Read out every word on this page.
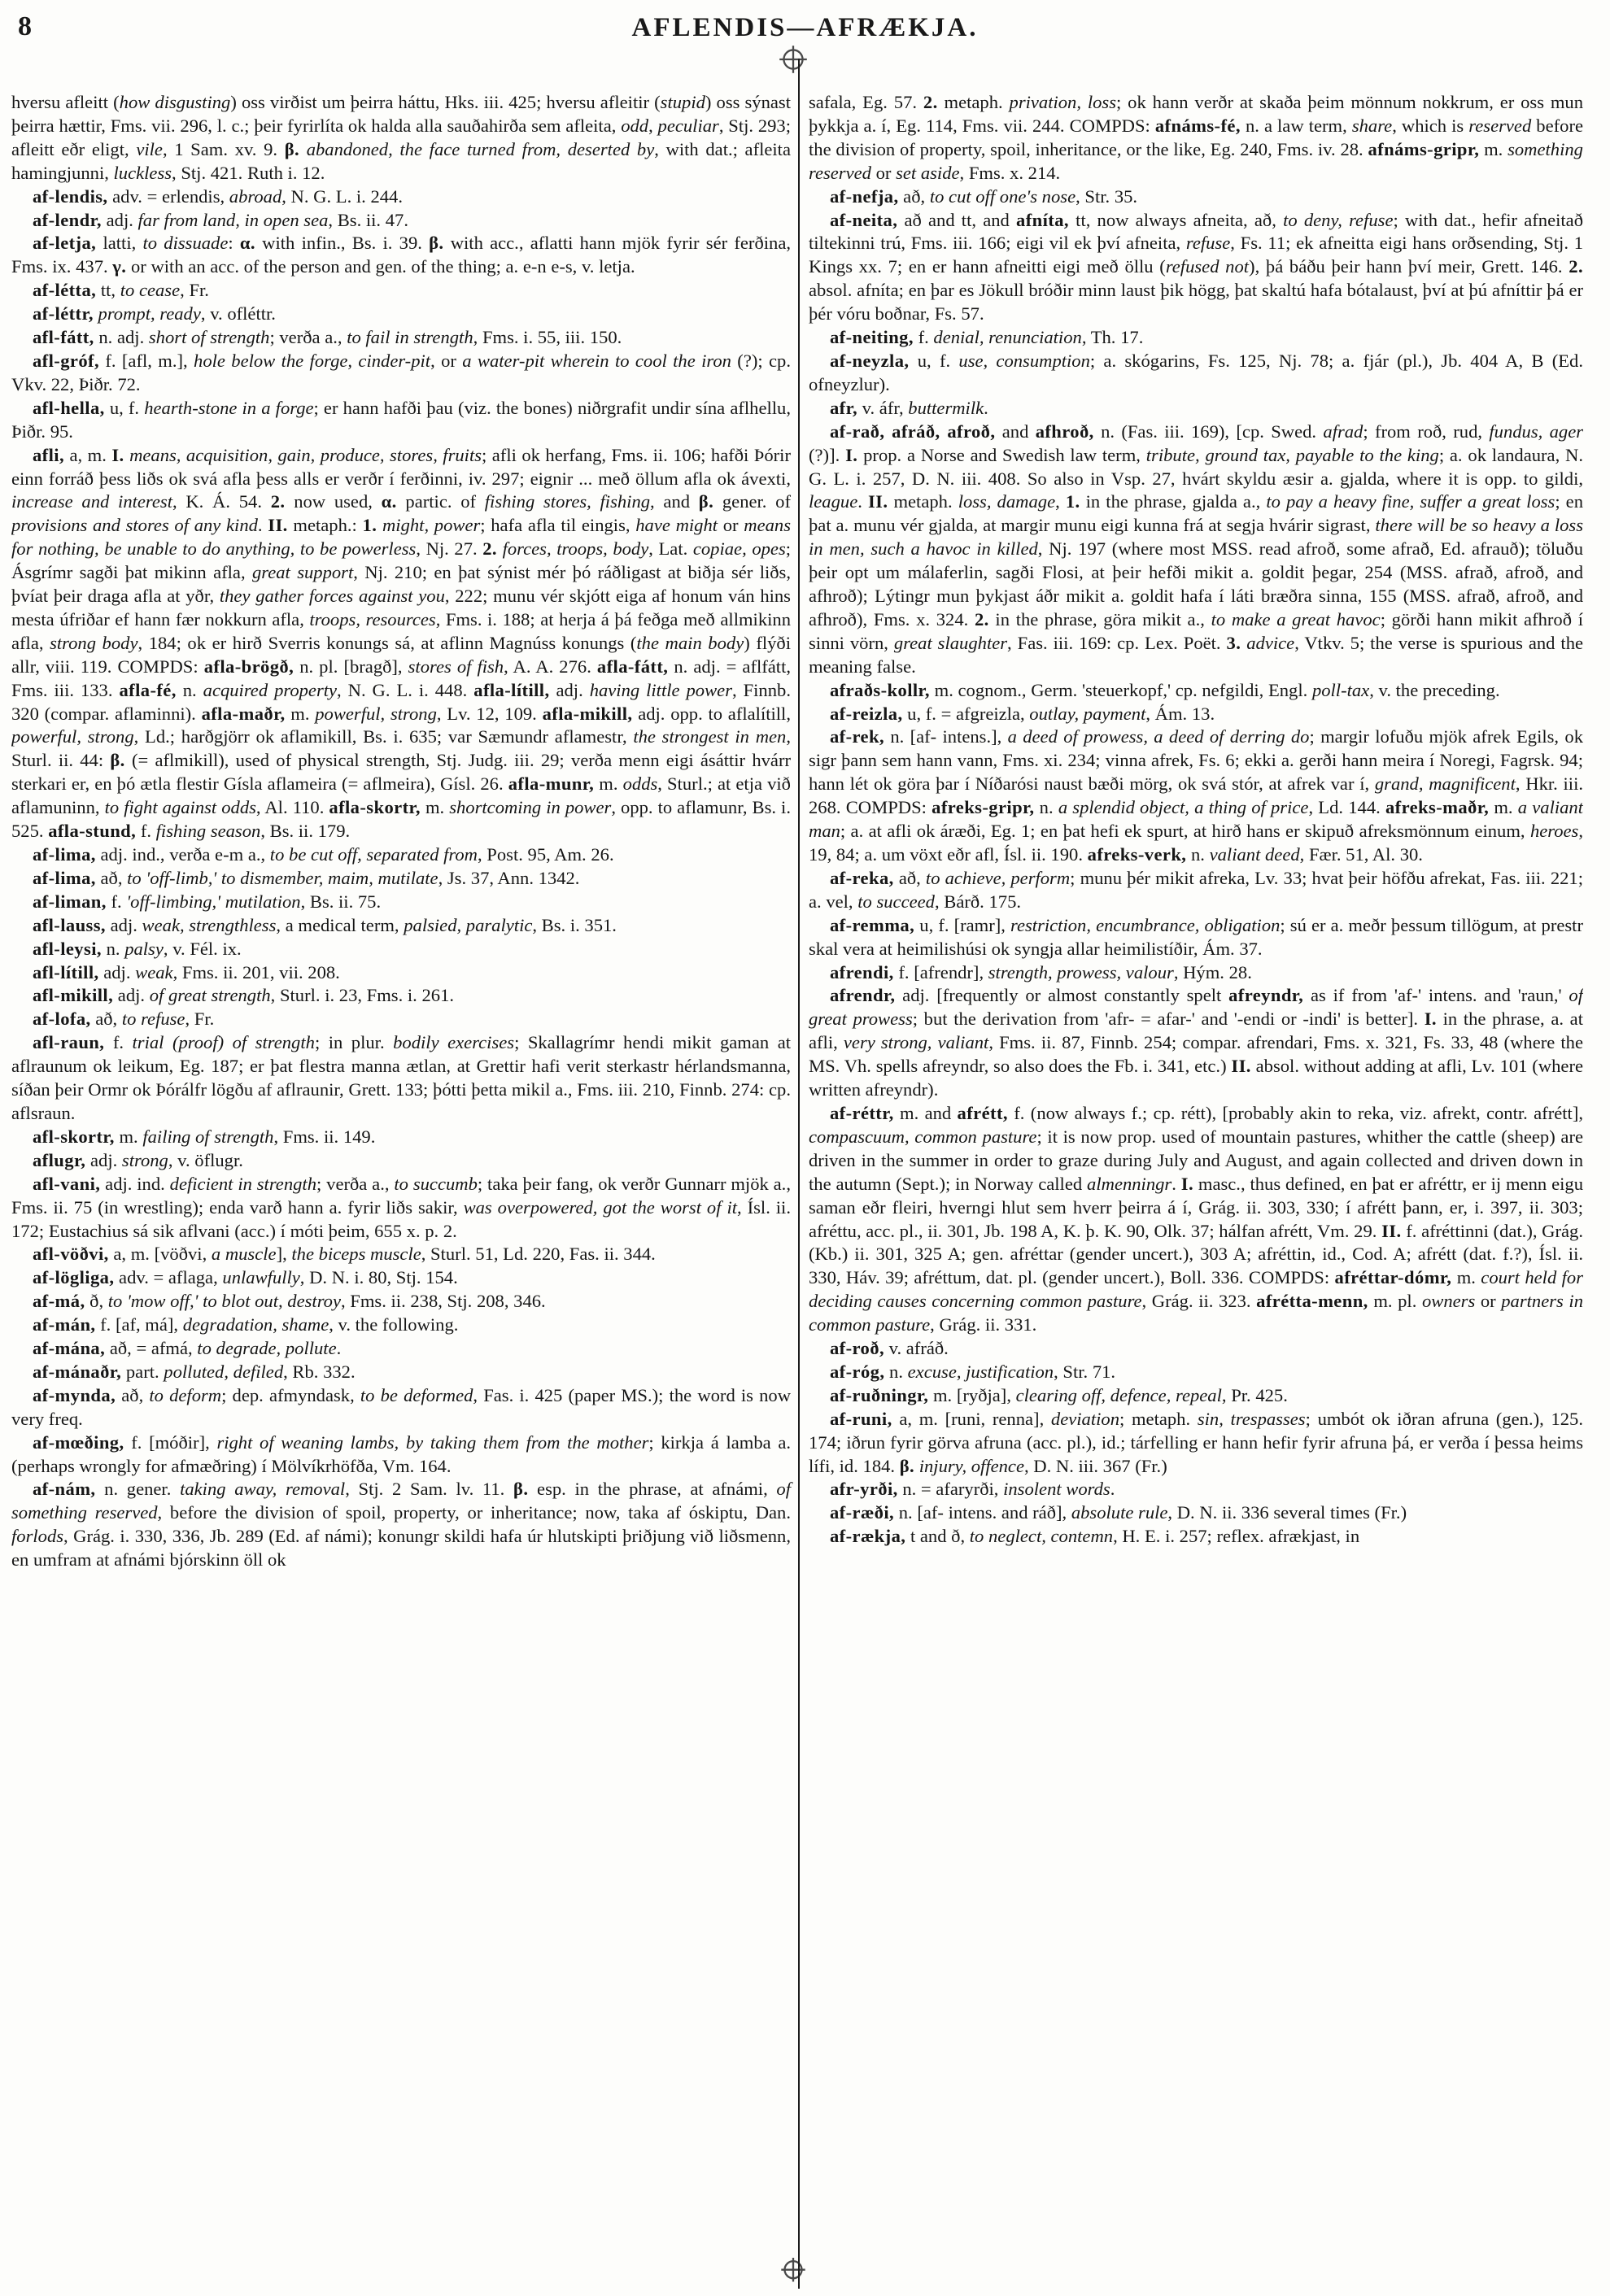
8	AFLENDIS—AFRÆKJA.

hversu afleitt (how disgusting) oss virðist um þeirra háttu, Hks. iii. 425; hversu afleitir (stupid) oss sýnast þeirra hættir, Fms. vii. 296, l. c.; þeir fyrirlíta ok halda alla sauðahirða sem afleita, odd, peculiar, Stj. 293; afleitt eðr eligt, vile, 1 Sam. xv. 9. β. abandoned, the face turned from, deserted by, with dat.; afleita hamingjunni, luckless, Stj. 421. Ruth i. 12.

af-lendis, adv. = erlendis, abroad, N. G. L. i. 244.

af-lendr, adj. far from land, in open sea, Bs. ii. 47.

af-letja, latti, to dissuade: α. with infin., Bs. i. 39. β. with acc., aflatti hann mjök fyrir sér ferðina, Fms. ix. 437. γ. or with an acc. of the person and gen. of the thing; a. e-n e-s, v. letja.

af-létta, tt, to cease, Fr.

af-léttr, prompt, ready, v. ofléttr.

afl-fátt, n. adj. short of strength; verða a., to fail in strength, Fms. i. 55, iii. 150.

afl-gróf, f. [afl, m.], hole below the forge, cinder-pit, or a water-pit wherein to cool the iron (?); cp. Vkv. 22, Þiðr. 72.

afl-hella, u, f. hearth-stone in a forge; er hann hafði þau (viz. the bones) niðrgrafit undir sína aflhellu, Þiðr. 95.

afli, a, m. I. means, acquisition, gain, produce, stores, fruits; afli ok herfang, Fms. ii. 106; hafði Þórir einn forráð þess liðs ok svá afla þess alls er verðr í ferðinni, iv. 297; eignir ... með öllum afla ok ávexti, increase and interest, K. Á. 54. 2. now used, α. partic. of fishing stores, fishing, and β. gener. of provisions and stores of any kind. II. metaph.: 1. might, power; hafa afla til eingis, have might or means for nothing, be unable to do anything, to be powerless, Nj. 27. 2. forces, troops, body, Lat. copiae, opes; Ásgrímr sagði þat mikinn afla, great support, Nj. 210; en þat sýnist mér þó ráðligast at biðja sér liðs, þvíat þeir draga afla at yðr, they gather forces against you, 222; munu vér skjótt eiga af honum ván hins mesta úfriðar ef hann fær nokkurn afla, troops, resources, Fms. i. 188; at herja á þá feðga með allmikinn afla, strong body, 184; ok er hirð Sverris konungs sá, at aflinn Magnúss konungs (the main body) flýði allr, viii. 119. COMPDS: afla-brögð, n. pl. [bragð], stores of fish, A. A. 276. afla-fátt, n. adj. = aflfátt, Fms. iii. 133. afla-fé, n. acquired property, N. G. L. i. 448. afla-lítill, adj. having little power, Finnb. 320 (compar. aflaminni). afla-maðr, m. powerful, strong, Lv. 12, 109. afla-mikill, adj. opp. to aflalítill, powerful, strong, Ld.; harðgjörr ok aflamikill, Bs. i. 635; var Sæmundr aflamestr, the strongest in men, Sturl. ii. 44: β. (= aflmikill), used of physical strength, Stj. Judg. iii. 29; verða menn eigi ásáttir hvárr sterkari er, en þó ætla flestir Gísla aflameira (= aflmeira), Gísl. 26. afla-munr, m. odds, Sturl.; at etja við aflamuninn, to fight against odds, Al. 110. afla-skortr, m. shortcoming in power, opp. to aflamunr, Bs. i. 525. afla-stund, f. fishing season, Bs. ii. 179.

af-lima, adj. ind., verða e-m a., to be cut off, separated from, Post. 95, Am. 26.

af-lima, að, to 'off-limb,' to dismember, maim, mutilate, Js. 37, Ann. 1342.

af-liman, f. 'off-limbing,' mutilation, Bs. ii. 75.

afl-lauss, adj. weak, strengthless, a medical term, palsied, paralytic, Bs. i. 351.

afl-leysi, n. palsy, v. Fél. ix.

afl-lítill, adj. weak, Fms. ii. 201, vii. 208.

afl-mikill, adj. of great strength, Sturl. i. 23, Fms. i. 261.

af-lofa, að, to refuse, Fr.

afl-raun, f. trial (proof) of strength; in plur. bodily exercises; Skallagrímr hendi mikit gaman at aflraunum ok leikum, Eg. 187; er þat flestra manna ætlan, at Grettir hafi verit sterkastr hérlandsmanna, síðan þeir Ormr ok Þórálfr lögðu af aflraunir, Grett. 133; þótti þetta mikil a., Fms. iii. 210, Finnb. 274: cp. aflsraun.

afl-skortr, m. failing of strength, Fms. ii. 149.

aflugr, adj. strong, v. öflugr.

afl-vani, adj. ind. deficient in strength; verða a., to succumb; taka þeir fang, ok verðr Gunnarr mjök a., Fms. ii. 75 (in wrestling); enda varð hann a. fyrir liðs sakir, was overpowered, got the worst of it, Ísl. ii. 172; Eustachius sá sik aflvani (acc.) í móti þeim, 655 x. p. 2.

afl-vöðvi, a, m. [vöðvi, a muscle], the biceps muscle, Sturl. 51, Ld. 220, Fas. ii. 344.

af-lögliga, adv. = aflaga, unlawfully, D. N. i. 80, Stj. 154.

af-má, ð, to 'mow off,' to blot out, destroy, Fms. ii. 238, Stj. 208, 346.

af-mán, f. [af, má], degradation, shame, v. the following.

af-mána, að, = afmá, to degrade, pollute.

af-mánaðr, part. polluted, defiled, Rb. 332.

af-mynda, að, to deform; dep. afmyndask, to be deformed, Fas. i. 425 (paper MS.); the word is now very freq.

af-mœðing, f. [móðir], right of weaning lambs, by taking them from the mother; kirkja á lamba a. (perhaps wrongly for afmæðring) í Mölvíkrhöfða, Vm. 164.

af-nám, n. gener. taking away, removal, Stj. 2 Sam. lv. 11. β. esp. in the phrase, at afnámi, of something reserved, before the division of spoil, property, or inheritance; now, taka af óskiptu, Dan. forlods, Grág. i. 330, 336, Jb. 289 (Ed. af námi); konungr skildi hafa úr hlutskipti þriðjung við liðsmenn, en umfram at afnámi bjórskinn öll ok

safala, Eg. 57. 2. metaph. privation, loss; ok hann verðr at skaða þeim mönnum nokkrum, er oss mun þykkja a. í, Eg. 114, Fms. vii. 244. COMPDS: afnáms-fé, n. a law term, share, which is reserved before the division of property, spoil, inheritance, or the like, Eg. 240, Fms. iv. 28. afnáms-gripr, m. something reserved or set aside, Fms. x. 214.

af-nefja, að, to cut off one's nose, Str. 35.

af-neita, að and tt, and afníta, tt, now always afneita, að, to deny, refuse; with dat., hefir afneitað tiltekinni trú, Fms. iii. 166; eigi vil ek því afneita, refuse, Fs. 11; ek afneitta eigi hans orðsending, Stj. 1 Kings xx. 7; en er hann afneitti eigi með öllu (refused not), þá báðu þeir hann því meir, Grett. 146. 2. absol. afníta; en þar es Jökull bróðir minn laust þik högg, þat skaltú hafa bótalaust, því at þú afníttir þá er þér vóru boðnar, Fs. 57.

af-neiting, f. denial, renunciation, Th. 17.

af-neyzla, u, f. use, consumption; a. skógarins, Fs. 125, Nj. 78; a. fjár (pl.), Jb. 404 A, B (Ed. ofneyzlur).

afr, v. áfr, buttermilk.

af-rað, afráð, afroð, and afhroð, n. (Fas. iii. 169), [cp. Swed. afrad; from roð, rud, fundus, ager (?)]. I. prop. a Norse and Swedish law term, tribute, ground tax, payable to the king; a. ok landaura, N. G. L. i. 257, D. N. iii. 408. So also in Vsp. 27, hvárt skyldu æsir a. gjalda, where it is opp. to gildi, league. II. metaph. loss, damage, 1. in the phrase, gjalda a., to pay a heavy fine, suffer a great loss; en þat a. munu vér gjalda, at margir munu eigi kunna frá at segja hvárir sigrast, there will be so heavy a loss in men, such a havoc in killed, Nj. 197 (where most MSS. read afroð, some afrað, Ed. afrauð); töluðu þeir opt um málaferlin, sagði Flosi, at þeir hefði mikit a. goldit þegar, 254 (MSS. afrað, afroð, and afhroð); Lýtingr mun þykjast áðr mikit a. goldit hafa í láti bræðra sinna, 155 (MSS. afrað, afroð, and afhroð), Fms. x. 324. 2. in the phrase, göra mikit a., to make a great havoc; görði hann mikit afhroð í sinni vörn, great slaughter, Fas. iii. 169: cp. Lex. Poët. 3. advice, Vtkv. 5; the verse is spurious and the meaning false.

afraðs-kollr, m. cognom., Germ. 'steuerkopf,' cp. nefgildi, Engl. poll-tax, v. the preceding.

af-reizla, u, f. = afgreizla, outlay, payment, Ám. 13.

af-rek, n. [af- intens.], a deed of prowess, a deed of derring do; margir lofuðu mjök afrek Egils, ok sigr þann sem hann vann, Fms. xi. 234; vinna afrek, Fs. 6; ekki a. gerði hann meira í Noregi, Fagrsk. 94; hann lét ok göra þar í Níðarósi naust bæði mörg, ok svá stór, at afrek var í, grand, magnificent, Hkr. iii. 268. COMPDS: afreks-gripr, n. a splendid object, a thing of price, Ld. 144. afreks-maðr, m. a valiant man; a. at afli ok áræði, Eg. 1; en þat hefi ek spurt, at hirð hans er skipuð afreksmönnum einum, heroes, 19, 84; a. um vöxt eðr afl, Ísl. ii. 190. afreks-verk, n. valiant deed, Fær. 51, Al. 30.

af-reka, að, to achieve, perform; munu þér mikit afreka, Lv. 33; hvat þeir höfðu afrekat, Fas. iii. 221; a. vel, to succeed, Bárð. 175.

af-remma, u, f. [ramr], restriction, encumbrance, obligation; sú er a. meðr þessum tillögum, at prestr skal vera at heimilishúsi ok syngja allar heimilistíðir, Ám. 37.

afrendi, f. [afrendr], strength, prowess, valour, Hým. 28.

afrendr, adj. [frequently or almost constantly spelt afreyndr, as if from 'af-' intens. and 'raun,' of great prowess; but the derivation from 'afr- = afar-' and '-endi or -indi' is better]. I. in the phrase, a. at afli, very strong, valiant, Fms. ii. 87, Finnb. 254; compar. afrendari, Fms. x. 321, Fs. 33, 48 (where the MS. Vh. spells afreyndr, so also does the Fb. i. 341, etc.) II. absol. without adding at afli, Lv. 101 (where written afreyndr).

af-réttr, m. and afrétt, f. (now always f.; cp. rétt), [probably akin to reka, viz. afrekt, contr. afrétt], compascuum, common pasture; it is now prop. used of mountain pastures, whither the cattle (sheep) are driven in the summer in order to graze during July and August, and again collected and driven down in the autumn (Sept.); in Norway called almenningr. I. masc., thus defined, en þat er afréttr, er ij menn eigu saman eðr fleiri, hverngi hlut sem hverr þeirra á í, Grág. ii. 303, 330; í afrétt þann, er, i. 397, ii. 303; afréttu, acc. pl., ii. 301, Jb. 198 A, K. þ. K. 90, Olk. 37; hálfan afrétt, Vm. 29. II. f. afréttinni (dat.), Grág. (Kb.) ii. 301, 325 A; gen. afréttar (gender uncert.), 303 A; afréttin, id., Cod. A; afrétt (dat. f.?), Ísl. ii. 330, Háv. 39; afréttum, dat. pl. (gender uncert.), Boll. 336. COMPDS: afréttar-dómr, m. court held for deciding causes concerning common pasture, Grág. ii. 323. afrétta-menn, m. pl. owners or partners in common pasture, Grág. ii. 331.

af-roð, v. afráð.

af-róg, n. excuse, justification, Str. 71.

af-ruðningr, m. [ryðja], clearing off, defence, repeal, Pr. 425.

af-runi, a, m. [runi, renna], deviation; metaph. sin, trespasses; umbót ok iðran afruna (gen.), 125. 174; iðrun fyrir görva afruna (acc. pl.), id.; tárfelling er hann hefir fyrir afruna þá, er verða í þessa heims lífi, id. 184. β. injury, offence, D. N. iii. 367 (Fr.)

afr-yrði, n. = afaryrði, insolent words.

af-ræði, n. [af- intens. and ráð], absolute rule, D. N. ii. 336 several times (Fr.)

af-rækja, t and ð, to neglect, contemn, H. E. i. 257; reflex. afrækjast, in
